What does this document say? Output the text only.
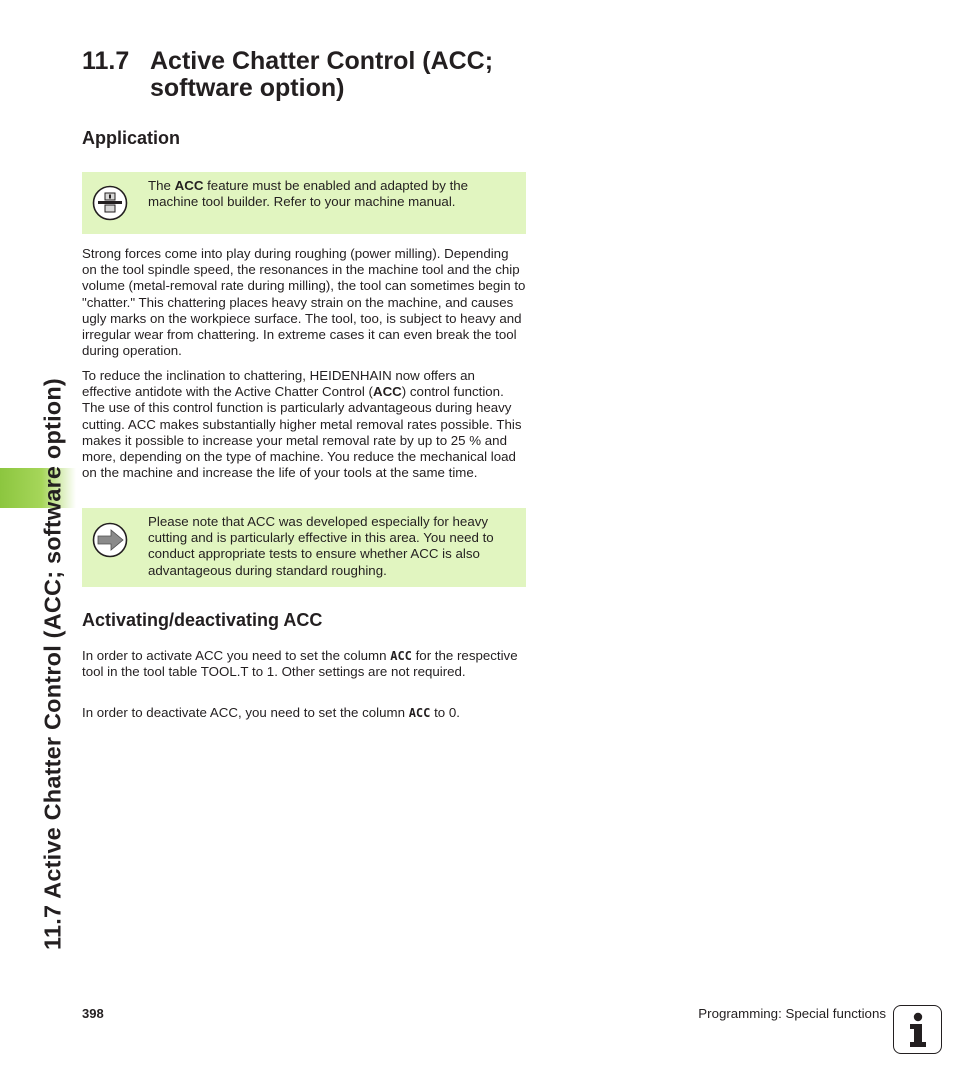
11.7 Active Chatter Control (ACC; software option)
11.7 Active Chatter Control (ACC; software option)
Application
The ACC feature must be enabled and adapted by the machine tool builder. Refer to your machine manual.

Strong forces come into play during roughing (power milling). Depending on the tool spindle speed, the resonances in the machine tool and the chip volume (metal-removal rate during milling), the tool can sometimes begin to "chatter." This chattering places heavy strain on the machine, and causes ugly marks on the workpiece surface. The tool, too, is subject to heavy and irregular wear from chattering. In extreme cases it can even break the tool during operation.

To reduce the inclination to chattering, HEIDENHAIN now offers an effective antidote with the Active Chatter Control (ACC) control function. The use of this control function is particularly advantageous during heavy cutting. ACC makes substantially higher metal removal rates possible. This makes it possible to increase your metal removal rate by up to 25 % and more, depending on the type of machine. You reduce the mechanical load on the machine and increase the life of your tools at the same time.

Please note that ACC was developed especially for heavy cutting and is particularly effective in this area. You need to conduct appropriate tests to ensure whether ACC is also advantageous during standard roughing.
Activating/deactivating ACC

In order to activate ACC you need to set the column ACC for the respective tool in the tool table TOOL.T to 1. Other settings are not required.

In order to deactivate ACC, you need to set the column ACC to 0.

398	Programming: Special functions
